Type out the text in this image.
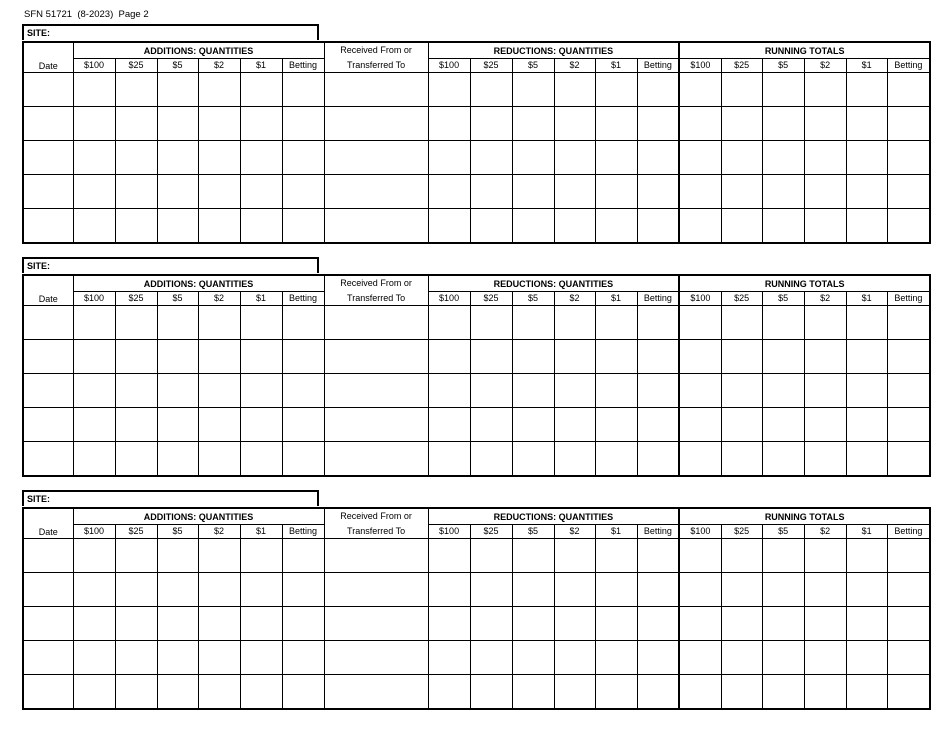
SFN 51721  (8-2023)  Page 2
SITE:
Date	ADDITIONS: QUANTITIES						Received From or	REDUCTIONS: QUANTITIES						RUNNING TOTALS					
	$100	$25	$5	$2	$1	Betting	Transferred To	$100	$25	$5	$2	$1	Betting	$100	$25	$5	$2	$1	Betting

SITE:
Date	ADDITIONS: QUANTITIES						Received From or	REDUCTIONS: QUANTITIES						RUNNING TOTALS					
	$100	$25	$5	$2	$1	Betting	Transferred To	$100	$25	$5	$2	$1	Betting	$100	$25	$5	$2	$1	Betting

SITE:
Date	ADDITIONS: QUANTITIES						Received From or	REDUCTIONS: QUANTITIES						RUNNING TOTALS					
	$100	$25	$5	$2	$1	Betting	Transferred To	$100	$25	$5	$2	$1	Betting	$100	$25	$5	$2	$1	Betting
